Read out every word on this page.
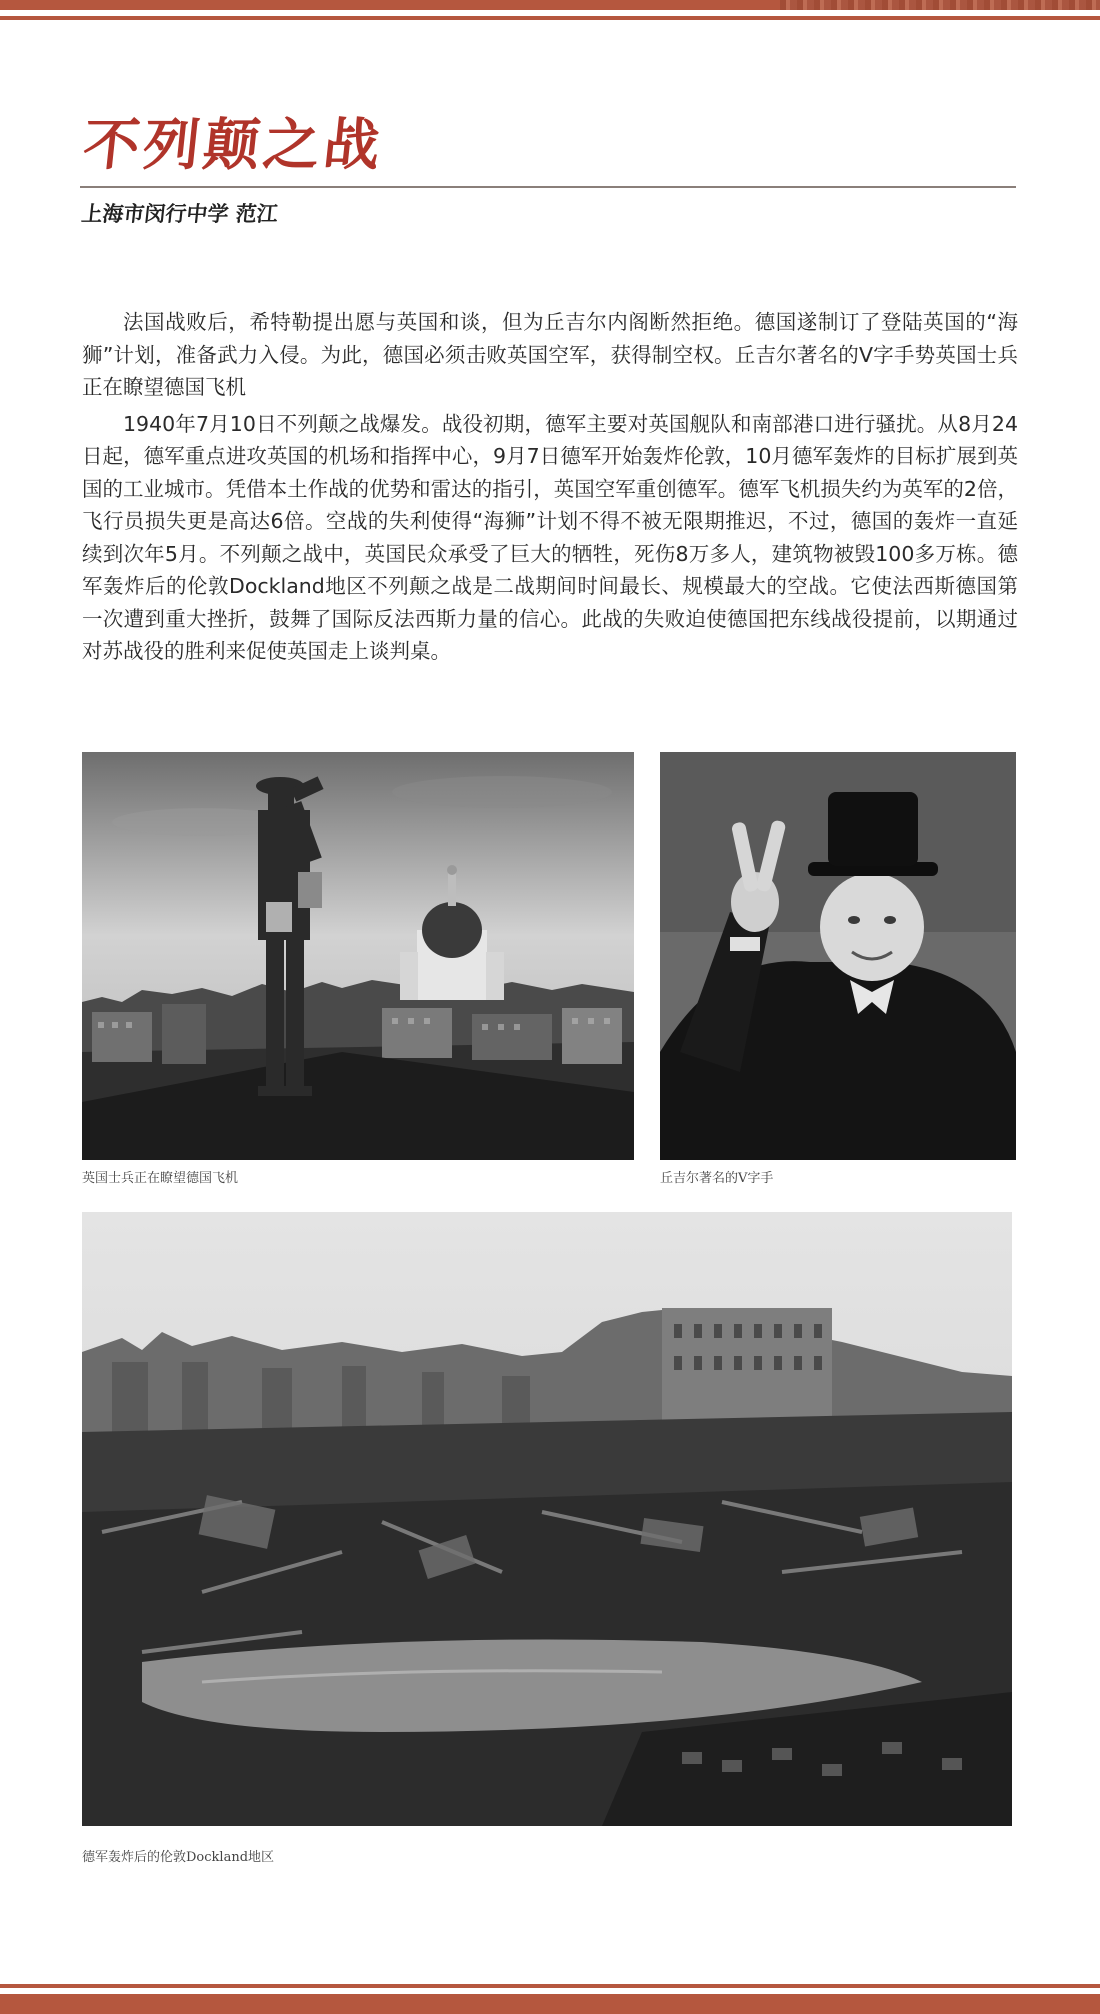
不列颠之战
上海市闵行中学 范江

法国战败后，希特勒提出愿与英国和谈，但为丘吉尔内阁断然拒绝。德国遂制订了登陆英国的“海狮”计划，准备武力入侵。为此，德国必须击败英国空军，获得制空权。丘吉尔著名的V字手势英国士兵正在瞭望德国飞机

1940年7月10日不列颠之战爆发。战役初期，德军主要对英国舰队和南部港口进行骚扰。从8月24日起，德军重点进攻英国的机场和指挥中心，9月7日德军开始轰炸伦敦，10月德军轰炸的目标扩展到英国的工业城市。凭借本土作战的优势和雷达的指引，英国空军重创德军。德军飞机损失约为英军的2倍，飞行员损失更是高达6倍。空战的失利使得“海狮”计划不得不被无限期推迟，不过，德国的轰炸一直延续到次年5月。不列颠之战中，英国民众承受了巨大的牺牲，死伤8万多人，建筑物被毁100多万栋。德军轰炸后的伦敦Dockland地区不列颠之战是二战期间时间最长、规模最大的空战。它使法西斯德国第一次遭到重大挫折，鼓舞了国际反法西斯力量的信心。此战的失败迫使德国把东线战役提前，以期通过对苏战役的胜利来促使英国走上谈判桌。

英国士兵正在瞭望德国飞机	丘吉尔著名的V字手
德军轰炸后的伦敦Dockland地区
